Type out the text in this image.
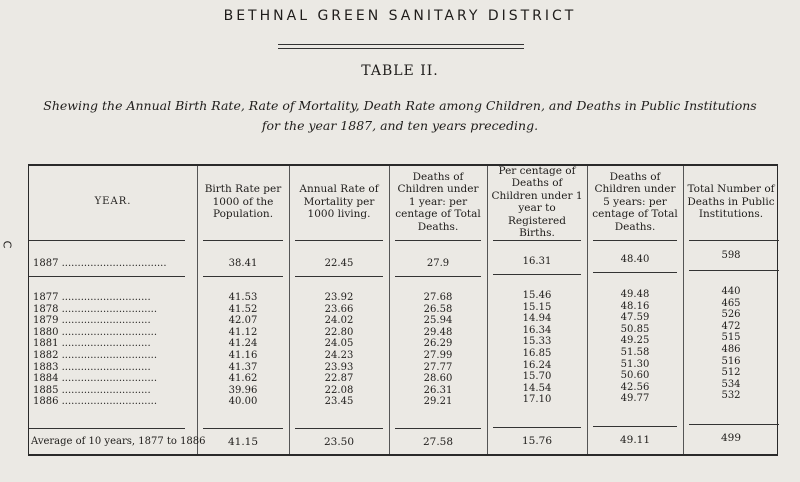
BETHNAL GREEN SANITARY DISTRICT
TABLE II.
Shewing the Annual Birth Rate, Rate of Mortality, Death Rate among Children, and Deaths in Public Institutions
for the year 1887, and ten years preceding.
C
YEAR.
Birth Rate per 1000 of the Population.
Annual Rate of Mortality per 1000 living.
Deaths of Children under 1 year: per centage of Total Deaths.
Per centage of Deaths of Children under 1 year to Registered Births.
Deaths of Children under 5 years: per centage of Total Deaths.
Total Number of Deaths in Public Institutions.
1887 .................................	38.41	22.45	27.9	16.31	48.40	598
1877 ............................	41.53	23.92	27.68	15.46	49.48	440
1878 ..............................	41.52	23.66	26.58	15.15	48.16	465
1879 ............................	42.07	24.02	25.94	14.94	47.59	526
1880 ..............................	41.12	22.80	29.48	16.34	50.85	472
1881 ............................	41.24	24.05	26.29	15.33	49.25	515
1882 ..............................	41.16	24.23	27.99	16.85	51.58	486
1883 ............................	41.37	23.93	27.77	16.24	51.30	516
1884 ..............................	41.62	22.87	28.60	15.70	50.60	512
1885 ............................	39.96	22.08	26.31	14.54	42.56	534
1886 ..............................	40.00	23.45	29.21	17.10	49.77	532
Average of 10 years, 1877 to 1886	41.15	23.50	27.58	15.76	49.11	499
